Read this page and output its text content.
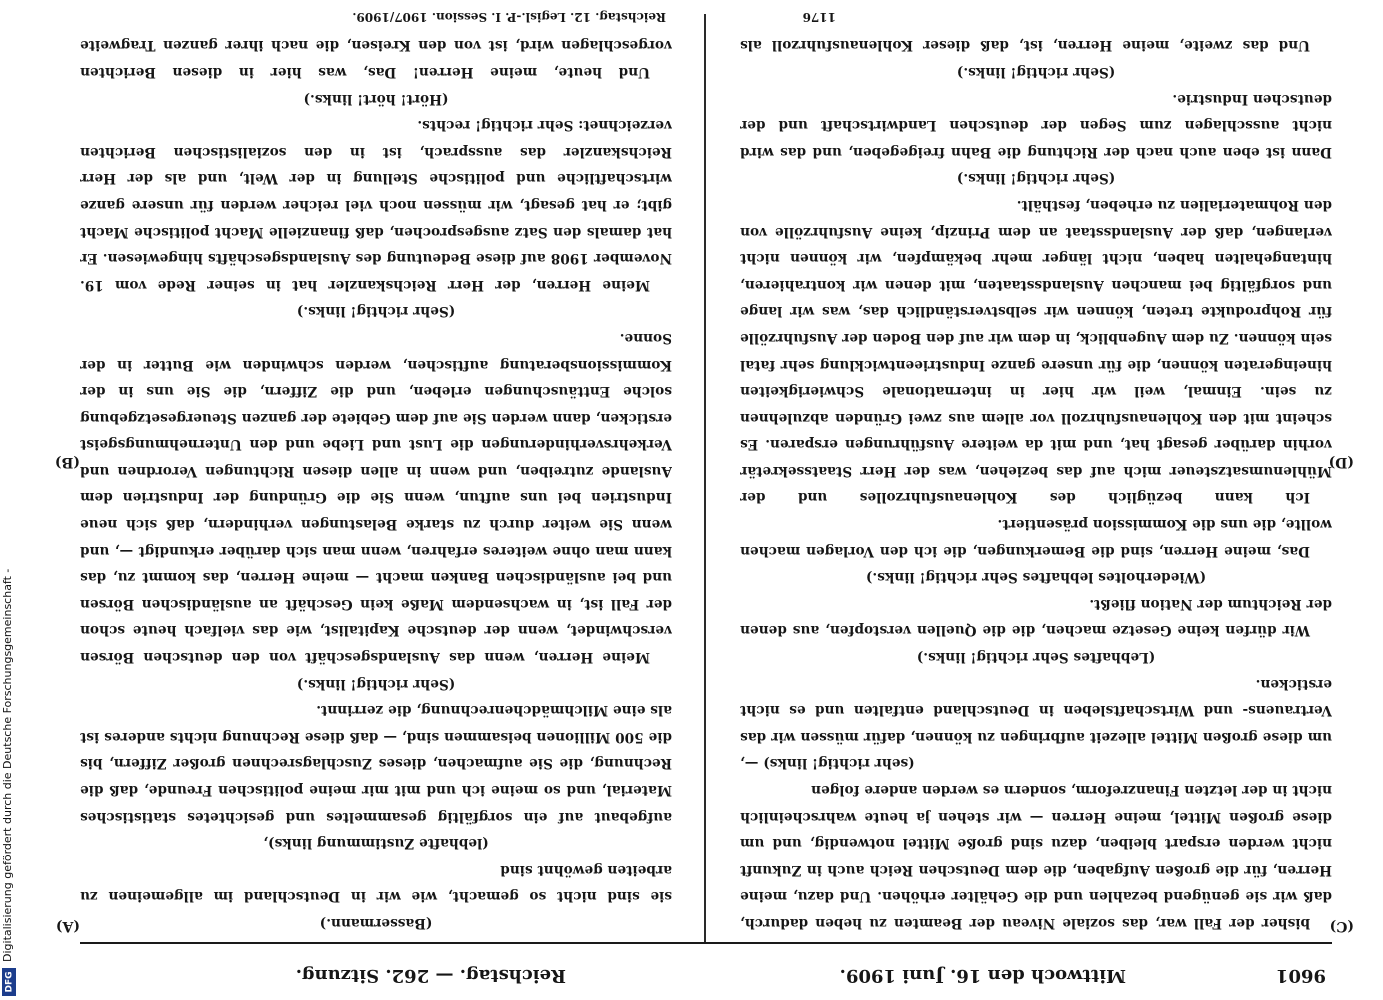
Digitalisierung gefördert durch die Deutsche Forschungsgemeinschaft -
DFG	9601
Mittwoch den 16. Juni 1909.
Reichstag. — 262. Sitzung.
(C)
(D)
(A)
(B)

bisher der Fall war, das soziale Niveau der Beamten zu heben dadurch, daß wir sie genügend bezahlen und die Gehälter erhöhen. Und dazu, meine Herren, für die großen Aufgaben, die dem Deutschen Reich auch in Zukunft nicht werden erspart bleiben, dazu sind große Mittel notwendig, und um diese großen Mittel, meine Herren — wir stehen ja heute wahrscheinlich nicht in der letzten Finanzreform, sondern es werden andere folgen

(sehr richtig! links) —,

um diese großen Mittel allezeit aufbringen zu können, dafür müssen wir das Vertrauens- und Wirtschaftsleben in Deutschland entfalten und es nicht ersticken.

(Lebhaftes Sehr richtig! links.)

Wir dürfen keine Gesetze machen, die die Quellen verstopfen, aus denen der Reichtum der Nation fließt.

(Wiederholtes lebhaftes Sehr richtig! links.)

Das, meine Herren, sind die Bemerkungen, die ich den Vorlagen machen wollte, die uns die Kommission präsentiert.

Ich kann bezüglich des Kohlenausfuhrzolles und der Mühlenumsatzsteuer mich auf das beziehen, was der Herr Staatssekretär vorhin darüber gesagt hat, und mit da weitere Ausführungen ersparen. Es scheint mit den Kohlenausfuhrzoll vor allem aus zwei Gründen abzulehnen zu sein. Einmal, weil wir hier in internationale Schwierigkeiten hineingeraten können, die für unsere ganze Industrieentwicklung sehr fatal sein können. Zu dem Augenblick, in dem wir auf den Boden der Ausfuhrzölle für Rohprodukte treten, können wir selbstverständlich das, was wir lange und sorgfältig bei manchen Auslandsstaaten, mit denen wir kontrahieren, hintangehalten haben, nicht länger mehr bekämpfen, wir können nicht verlangen, daß der Auslandsstaat an dem Prinzip, keine Ausfuhrzölle von den Rohmaterialien zu erheben, festhält.

(Sehr richtig! links.)

Dann ist eben auch nach der Richtung die Bahn freigegeben, und das wird nicht ausschlagen zum Segen der deutschen Landwirtschaft und der deutschen Industrie.

(Sehr richtig! links.)

Und das zweite, meine Herren, ist, daß dieser Kohlenausfuhrzoll als

1176

(Bassermann.)

sie sind nicht so gemacht, wie wir in Deutschland im allgemeinen zu arbeiten gewöhnt sind

(lebhafte Zustimmung links),

aufgebaut auf ein sorgfältig gesammeltes und gesichtetes statistisches Material, und so meine ich und mit mir meine politischen Freunde, daß die Rechnung, die Sie aufmachen, dieses Zuschlagsrechnen großer Ziffern, bis die 500 Millionen beisammen sind, — daß diese Rechnung nichts anderes ist als eine Milchmädchenrechnung, die zerrinnt.

(Sehr richtig! links.)

Meine Herren, wenn das Auslandsgeschäft von den deutschen Börsen verschwindet, wenn der deutsche Kapitalist, wie das vielfach heute schon der Fall ist, in wachsendem Maße kein Geschäft an ausländischen Börsen und bei ausländischen Banken macht — meine Herren, das kommt zu, das kann man ohne weiteres erfahren, wenn man sich darüber erkundigt —, und wenn Sie weiter durch zu starke Belastungen verhindern, daß sich neue Industrien bei uns auftun, wenn Sie die Gründung der Industrien dem Auslande zutreiben, und wenn in allen diesen Richtungen Verordnen und Verkehrsverhinderungen die Lust und Liebe und den Unternehmungsgeist ersticken, dann werden Sie auf dem Gebiete der ganzen Steuergesetzgebung solche Enttäuschungen erleben, und die Ziffern, die Sie uns in der Kommissionsberatung auftischen, werden schwinden wie Butter in der Sonne.

(Sehr richtig! links.)

Meine Herren, der Herr Reichskanzler hat in seiner Rede vom 19. November 1908 auf diese Bedeutung des Auslandsgeschäfts hingewiesen. Er hat damals den Satz ausgesprochen, daß finanzielle Macht politische Macht gibt; er hat gesagt, wir müssen noch viel reicher werden für unsere ganze wirtschaftliche und politische Stellung in der Welt, und als der Herr Reichskanzler das aussprach, ist in den sozialistischen Berichten verzeichnet: Sehr richtig! rechts.

(Hört! hört! links.)

Und heute, meine Herren! Das, was hier in diesen Berichten vorgeschlagen wird, ist von den Kreisen, die nach ihrer ganzen Tragweite

Reichstag. 12. Legisl.-P. I. Session. 1907/1909.
